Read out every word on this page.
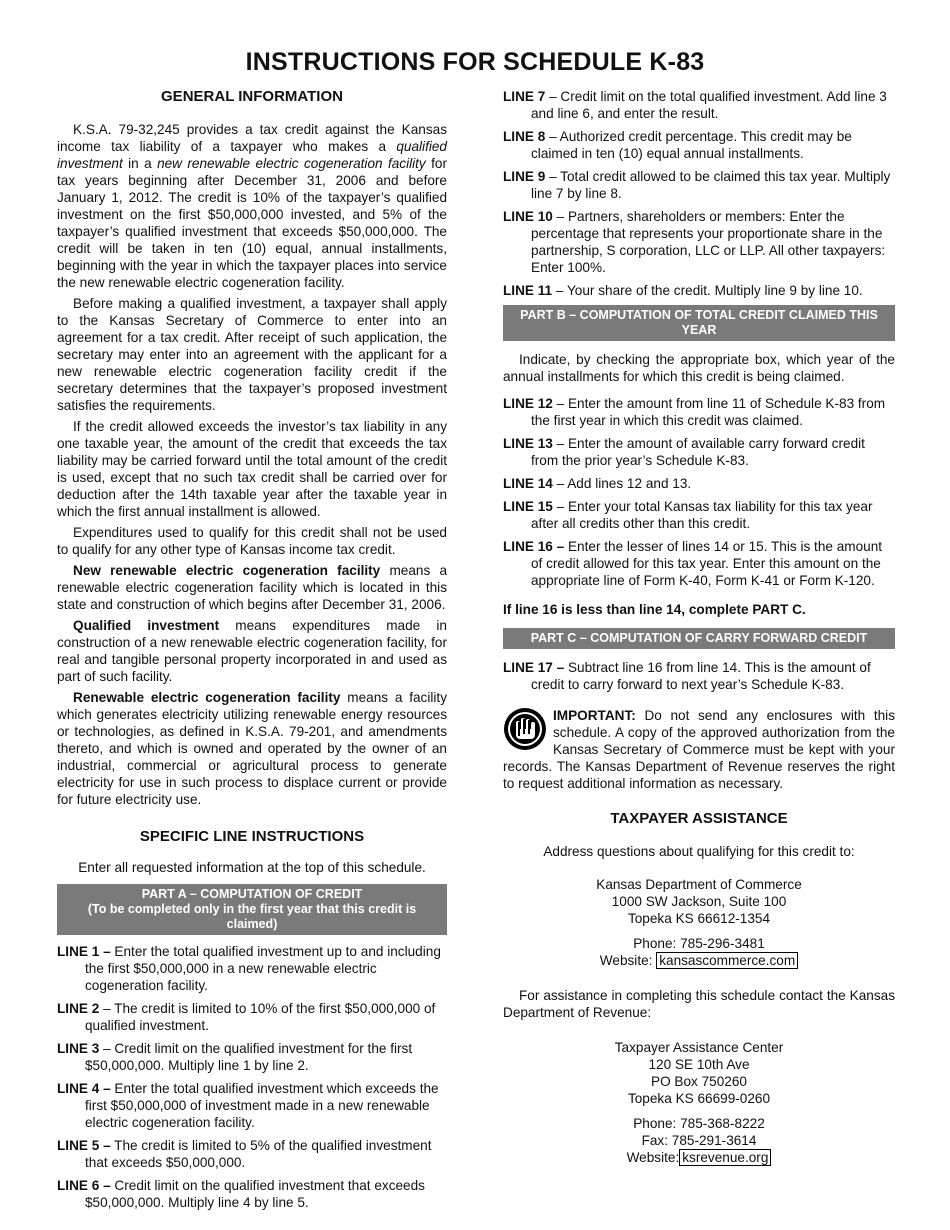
INSTRUCTIONS FOR SCHEDULE K-83
GENERAL INFORMATION

K.S.A. 79-32,245 provides a tax credit against the Kansas income tax liability of a taxpayer who makes a qualified investment in a new renewable electric cogeneration facility for tax years beginning after December 31, 2006 and before January 1, 2012. The credit is 10% of the taxpayer’s qualified investment on the first $50,000,000 invested, and 5% of the taxpayer’s qualified investment that exceeds $50,000,000. The credit will be taken in ten (10) equal, annual installments, beginning with the year in which the taxpayer places into service the new renewable electric cogeneration facility.

Before making a qualified investment, a taxpayer shall apply to the Kansas Secretary of Commerce to enter into an agreement for a tax credit. After receipt of such application, the secretary may enter into an agreement with the applicant for a new renewable electric cogeneration facility credit if the secretary determines that the taxpayer’s proposed investment satisfies the requirements.

If the credit allowed exceeds the investor’s tax liability in any one taxable year, the amount of the credit that exceeds the tax liability may be carried forward until the total amount of the credit is used, except that no such tax credit shall be carried over for deduction after the 14th taxable year after the taxable year in which the first annual installment is allowed.

Expenditures used to qualify for this credit shall not be used to qualify for any other type of Kansas income tax credit.

New renewable electric cogeneration facility means a renewable electric cogeneration facility which is located in this state and construction of which begins after December 31, 2006.

Qualified investment means expenditures made in construction of a new renewable electric cogeneration facility, for real and tangible personal property incorporated in and used as part of such facility.

Renewable electric cogeneration facility means a facility which generates electricity utilizing renewable energy resources or technologies, as defined in K.S.A. 79-201, and amendments thereto, and which is owned and operated by the owner of an industrial, commercial or agricultural process to generate electricity for use in such process to displace current or provide for future electricity use.

SPECIFIC LINE INSTRUCTIONS

Enter all requested information at the top of this schedule.

PART A – COMPUTATION OF CREDIT
(To be completed only in the first year that this credit is claimed)

LINE 1 – Enter the total qualified investment up to and including the first $50,000,000 in a new renewable electric cogeneration facility.

LINE 2 – The credit is limited to 10% of the first $50,000,000 of qualified investment.

LINE 3 – Credit limit on the qualified investment for the first $50,000,000. Multiply line 1 by line 2.

LINE 4 – Enter the total qualified investment which exceeds the first $50,000,000 of investment made in a new renewable electric cogeneration facility.

LINE 5 – The credit is limited to 5% of the qualified investment that exceeds $50,000,000.

LINE 6 – Credit limit on the qualified investment that exceeds $50,000,000. Multiply line 4 by line 5.

LINE 7 – Credit limit on the total qualified investment. Add line 3 and line 6, and enter the result.

LINE 8 – Authorized credit percentage. This credit may be claimed in ten (10) equal annual installments.

LINE 9 – Total credit allowed to be claimed this tax year. Multiply line 7 by line 8.

LINE 10 – Partners, shareholders or members: Enter the percentage that represents your proportionate share in the partnership, S corporation, LLC or LLP. All other taxpayers: Enter 100%.

LINE 11 – Your share of the credit. Multiply line 9 by line 10.

PART B – COMPUTATION OF TOTAL CREDIT CLAIMED THIS YEAR

Indicate, by checking the appropriate box, which year of the annual installments for which this credit is being claimed.

LINE 12 – Enter the amount from line 11 of Schedule K-83 from the first year in which this credit was claimed.

LINE 13 – Enter the amount of available carry forward credit from the prior year’s Schedule K-83.

LINE 14 – Add lines 12 and 13.

LINE 15 – Enter your total Kansas tax liability for this tax year after all credits other than this credit.

LINE 16 – Enter the lesser of lines 14 or 15. This is the amount of credit allowed for this tax year. Enter this amount on the appropriate line of Form K-40, Form K-41 or Form K-120.

If line 16 is less than line 14, complete PART C.

PART C – COMPUTATION OF CARRY FORWARD CREDIT

LINE 17 – Subtract line 16 from line 14. This is the amount of credit to carry forward to next year’s Schedule K-83.

IMPORTANT: Do not send any enclosures with this schedule. A copy of the approved authorization from the Kansas Secretary of Commerce must be kept with your records. The Kansas Department of Revenue reserves the right to request additional information as necessary.
TAXPAYER ASSISTANCE

Address questions about qualifying for this credit to:

Kansas Department of Commerce
1000 SW Jackson, Suite 100
Topeka KS 66612-1354
Phone: 785-296-3481
Website: kansascommerce.com

For assistance in completing this schedule contact the Kansas Department of Revenue:

Taxpayer Assistance Center
120 SE 10th Ave
PO Box 750260
Topeka KS 66699-0260
Phone: 785-368-8222
Fax: 785-291-3614
Website: ksrevenue.org
